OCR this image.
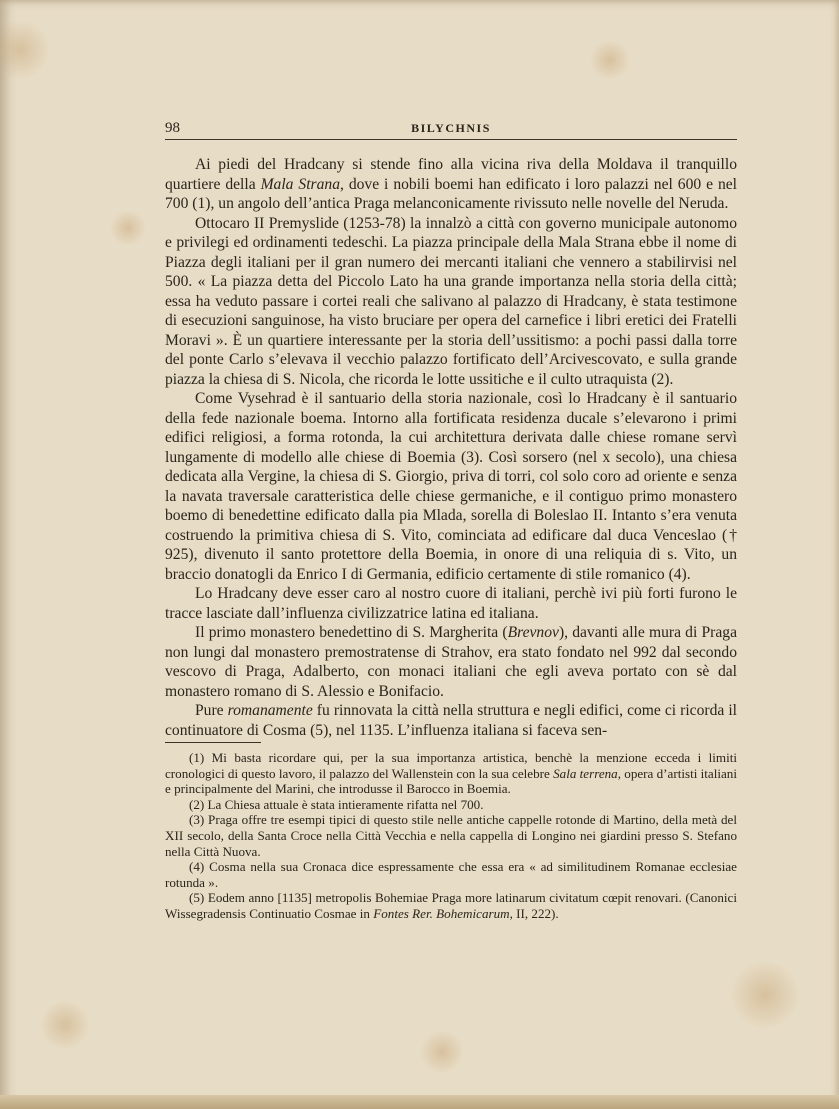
98	BILYCHNIS

Ai piedi del Hradcany si stende fino alla vicina riva della Moldava il tranquillo quartiere della Mala Strana, dove i nobili boemi han edificato i loro palazzi nel 600 e nel 700 (1), un angolo dell’antica Praga melanconicamente rivissuto nelle novelle del Neruda.

Ottocaro II Premyslide (1253-78) la innalzò a città con governo municipale autonomo e privilegi ed ordinamenti tedeschi. La piazza principale della Mala Strana ebbe il nome di Piazza degli italiani per il gran numero dei mercanti italiani che vennero a stabilirvisi nel 500. « La piazza detta del Piccolo Lato ha una grande importanza nella storia della città; essa ha veduto passare i cortei reali che salivano al palazzo di Hradcany, è stata testimone di esecuzioni sanguinose, ha visto bruciare per opera del carnefice i libri eretici dei Fratelli Moravi ». È un quartiere interessante per la storia dell’ussitismo: a pochi passi dalla torre del ponte Carlo s’elevava il vecchio palazzo fortificato dell’Arcivescovato, e sulla grande piazza la chiesa di S. Nicola, che ricorda le lotte ussitiche e il culto utraquista (2).

Come Vysehrad è il santuario della storia nazionale, così lo Hradcany è il santuario della fede nazionale boema. Intorno alla fortificata residenza ducale s’elevarono i primi edifici religiosi, a forma rotonda, la cui architettura derivata dalle chiese romane servì lungamente di modello alle chiese di Boemia (3). Così sorsero (nel x secolo), una chiesa dedicata alla Vergine, la chiesa di S. Giorgio, priva di torri, col solo coro ad oriente e senza la navata traversale caratteristica delle chiese germaniche, e il contiguo primo monastero boemo di benedettine edificato dalla pia Mlada, sorella di Boleslao II. Intanto s’era venuta costruendo la primitiva chiesa di S. Vito, cominciata ad edificare dal duca Venceslao († 925), divenuto il santo protettore della Boemia, in onore di una reliquia di s. Vito, un braccio donatogli da Enrico I di Germania, edificio certamente di stile romanico (4).

Lo Hradcany deve esser caro al nostro cuore di italiani, perchè ivi più forti furono le tracce lasciate dall’influenza civilizzatrice latina ed italiana.

Il primo monastero benedettino di S. Margherita (Brevnov), davanti alle mura di Praga non lungi dal monastero premostratense di Strahov, era stato fondato nel 992 dal secondo vescovo di Praga, Adalberto, con monaci italiani che egli aveva portato con sè dal monastero romano di S. Alessio e Bonifacio.

Pure romanamente fu rinnovata la città nella struttura e negli edifici, come ci ricorda il continuatore di Cosma (5), nel 1135. L’influenza italiana si faceva sen-

(1) Mi basta ricordare qui, per la sua importanza artistica, benchè la menzione ecceda i limiti cronologici di questo lavoro, il palazzo del Wallenstein con la sua celebre Sala terrena, opera d’artisti italiani e principalmente del Marini, che introdusse il Barocco in Boemia.

(2) La Chiesa attuale è stata intieramente rifatta nel 700.

(3) Praga offre tre esempi tipici di questo stile nelle antiche cappelle rotonde di Martino, della metà del XII secolo, della Santa Croce nella Città Vecchia e nella cappella di Longino nei giardini presso S. Stefano nella Città Nuova.

(4) Cosma nella sua Cronaca dice espressamente che essa era « ad similitudinem Romanae ecclesiae rotunda ».

(5) Eodem anno [1135] metropolis Bohemiae Praga more latinarum civitatum cœpit renovari. (Canonici Wissegradensis Continuatio Cosmae in Fontes Rer. Bohemicarum, II, 222).
